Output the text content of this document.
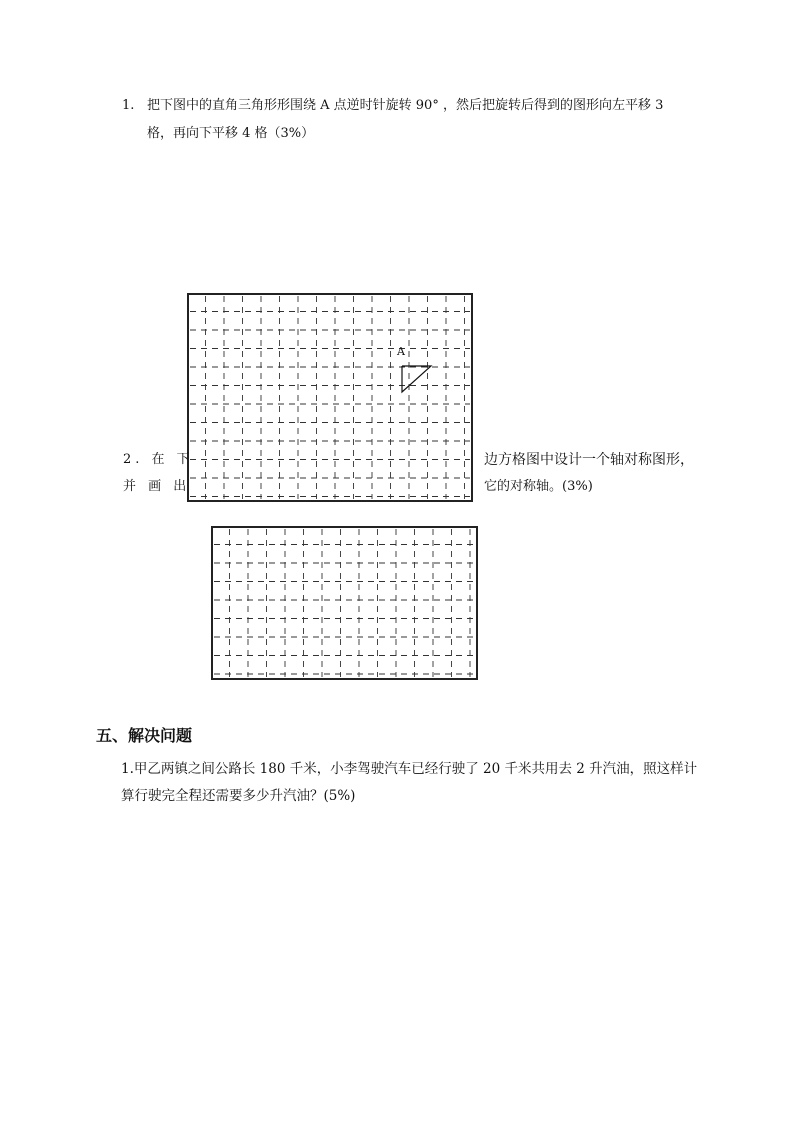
1. 把下图中的直角三角形形围绕 A 点逆时针旋转 90° ，然后把旋转后得到的图形向左平移 3
格，再向下平移 4 格（3%）
A
2. 在 下
并 画 出
边方格图中设计一个轴对称图形，
它的对称轴。(3%)
五、解决问题
1.甲乙两镇之间公路长 180 千米，小李驾驶汽车已经行驶了 20 千米共用去 2 升汽油，照这样计
算行驶完全程还需要多少升汽油？(5%)
